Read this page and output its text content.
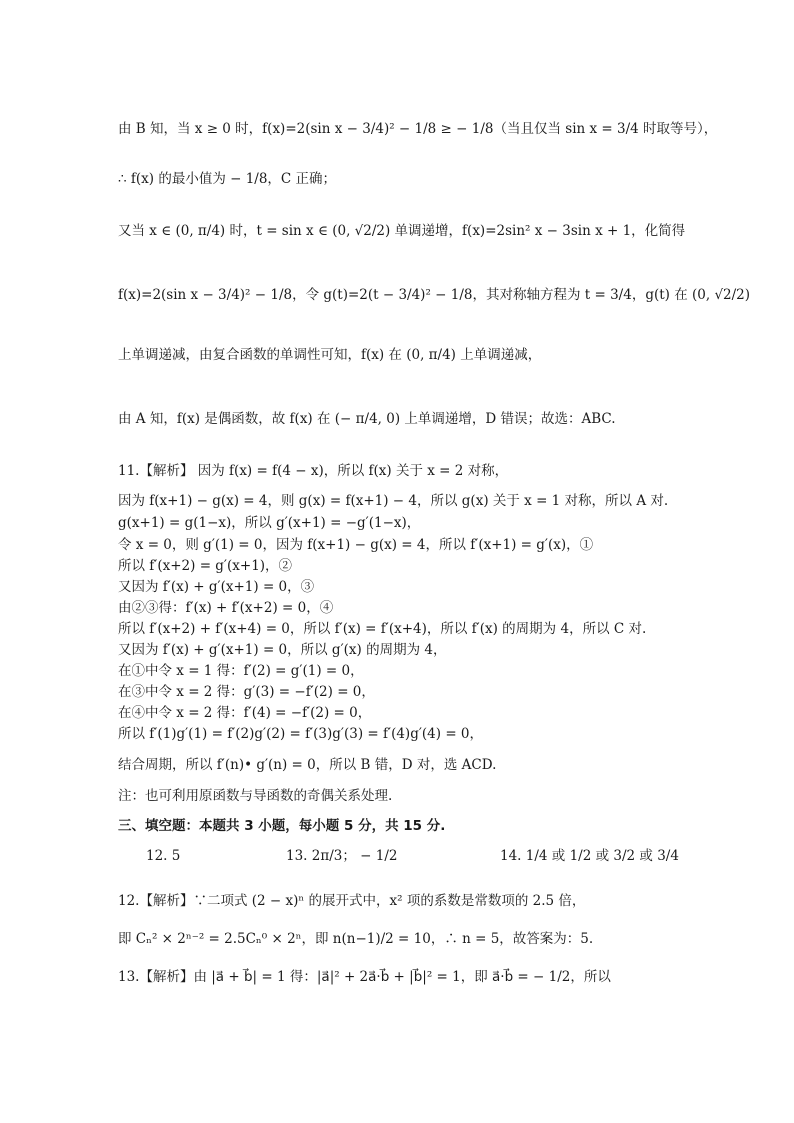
由 B 知，当 x ≥ 0 时，f(x)=2(sin x − 3/4)² − 1/8 ≥ − 1/8（当且仅当 sin x = 3/4 时取等号），
∴ f(x) 的最小值为 − 1/8，C 正确；
又当 x ∈ (0, π/4) 时，t = sin x ∈ (0, √2/2) 单调递增，f(x)=2sin² x − 3sin x + 1，化简得
f(x)=2(sin x − 3/4)² − 1/8，令 g(t)=2(t − 3/4)² − 1/8，其对称轴方程为 t = 3/4，g(t) 在 (0, √2/2)
上单调递减，由复合函数的单调性可知，f(x) 在 (0, π/4) 上单调递减，
由 A 知，f(x) 是偶函数，故 f(x) 在 (− π/4, 0) 上单调递增，D 错误；故选：ABC.
11.【解析】 因为 f(x) = f(4 − x)，所以 f(x) 关于 x = 2 对称，
因为 f(x+1) − g(x) = 4，则 g(x) = f(x+1) − 4，所以 g(x) 关于 x = 1 对称，所以 A 对.
g(x+1) = g(1−x)，所以 g′(x+1) = −g′(1−x)，
令 x = 0，则 g′(1) = 0，因为 f(x+1) − g(x) = 4，所以 f′(x+1) = g′(x)，①
所以 f′(x+2) = g′(x+1)，②
又因为 f′(x) + g′(x+1) = 0，③
由②③得：f′(x) + f′(x+2) = 0，④
所以 f′(x+2) + f′(x+4) = 0，所以 f′(x) = f′(x+4)，所以 f′(x) 的周期为 4，所以 C 对.
又因为 f′(x) + g′(x+1) = 0，所以 g′(x) 的周期为 4，
在①中令 x = 1 得：f′(2) = g′(1) = 0，
在③中令 x = 2 得：g′(3) = −f′(2) = 0，
在④中令 x = 2 得：f′(4) = −f′(2) = 0，
所以 f′(1)g′(1) = f′(2)g′(2) = f′(3)g′(3) = f′(4)g′(4) = 0，
结合周期，所以 f′(n)• g′(n) = 0，所以 B 错，D 对，选 ACD.
注：也可利用原函数与导函数的奇偶关系处理.
三、填空题：本题共 3 小题，每小题 5 分，共 15 分.
12. 5	13. 2π/3； − 1/2	14. 1/4 或 1/2 或 3/2 或 3/4
12.【解析】∵二项式 (2 − x)ⁿ 的展开式中，x² 项的系数是常数项的 2.5 倍，
即 Cₙ² × 2ⁿ⁻² = 2.5Cₙ⁰ × 2ⁿ，即 n(n−1)/2 = 10，∴ n = 5，故答案为：5.
13.【解析】由 |a⃗ + b⃗| = 1 得：|a⃗|² + 2a⃗·b⃗ + |b⃗|² = 1，即 a⃗·b⃗ = − 1/2，所以
